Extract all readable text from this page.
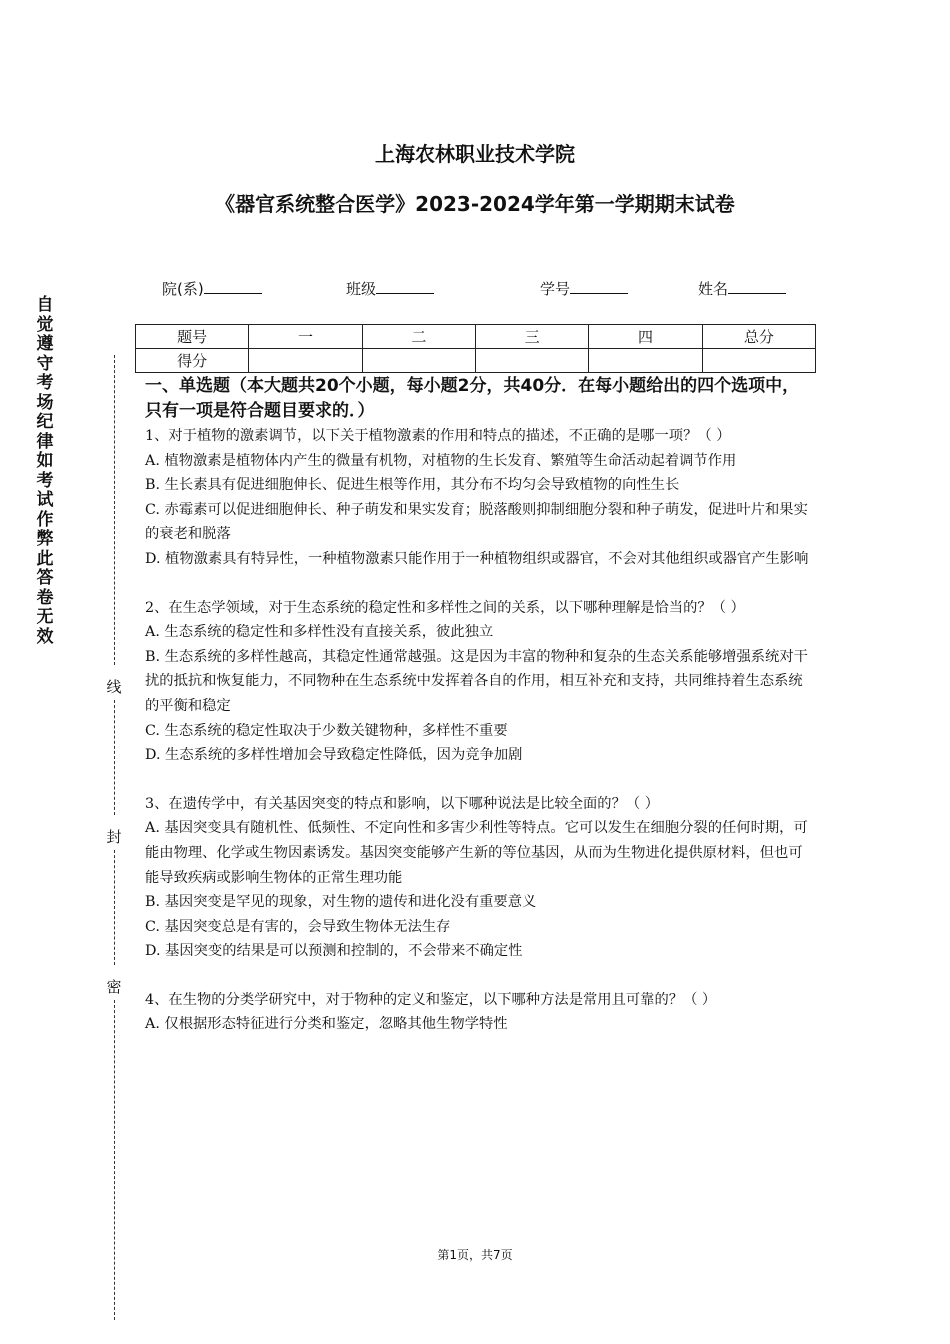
自觉遵守考场纪律如考试作弊此答卷无效
线
封
密
上海农林职业技术学院
《器官系统整合医学》2023-2024学年第一学期期末试卷
院(系)	班级	学号	姓名
题号	一	二	三	四	总分
得分					

一、单选题（本大题共20个小题，每小题2分，共40分．在每小题给出的四个选项中，只有一项是符合题目要求的．）

1、对于植物的激素调节，以下关于植物激素的作用和特点的描述，不正确的是哪一项？（ ）

A. 植物激素是植物体内产生的微量有机物，对植物的生长发育、繁殖等生命活动起着调节作用

B. 生长素具有促进细胞伸长、促进生根等作用，其分布不均匀会导致植物的向性生长

C. 赤霉素可以促进细胞伸长、种子萌发和果实发育；脱落酸则抑制细胞分裂和种子萌发，促进叶片和果实的衰老和脱落

D. 植物激素具有特异性，一种植物激素只能作用于一种植物组织或器官，不会对其他组织或器官产生影响

2、在生态学领域，对于生态系统的稳定性和多样性之间的关系，以下哪种理解是恰当的？（ ）

A. 生态系统的稳定性和多样性没有直接关系，彼此独立

B. 生态系统的多样性越高，其稳定性通常越强。这是因为丰富的物种和复杂的生态关系能够增强系统对干扰的抵抗和恢复能力，不同物种在生态系统中发挥着各自的作用，相互补充和支持，共同维持着生态系统的平衡和稳定

C. 生态系统的稳定性取决于少数关键物种，多样性不重要

D. 生态系统的多样性增加会导致稳定性降低，因为竞争加剧

3、在遗传学中，有关基因突变的特点和影响，以下哪种说法是比较全面的？（ ）

A. 基因突变具有随机性、低频性、不定向性和多害少利性等特点。它可以发生在细胞分裂的任何时期，可能由物理、化学或生物因素诱发。基因突变能够产生新的等位基因，从而为生物进化提供原材料，但也可能导致疾病或影响生物体的正常生理功能

B. 基因突变是罕见的现象，对生物的遗传和进化没有重要意义

C. 基因突变总是有害的，会导致生物体无法生存

D. 基因突变的结果是可以预测和控制的，不会带来不确定性

4、在生物的分类学研究中，对于物种的定义和鉴定，以下哪种方法是常用且可靠的？（ ）

A. 仅根据形态特征进行分类和鉴定，忽略其他生物学特性

第1页，共7页
